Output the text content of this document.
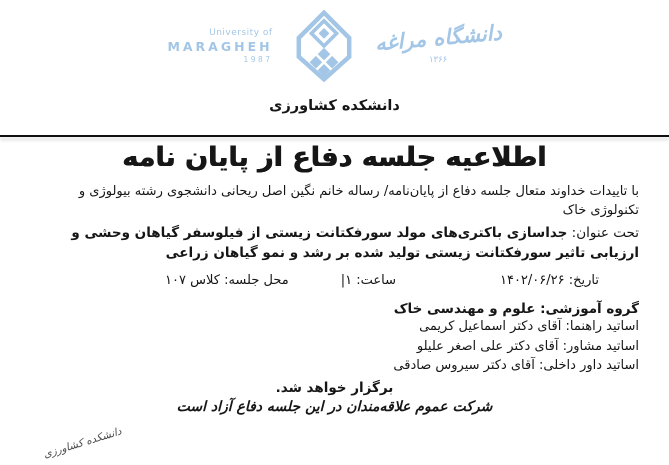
University of
MARAGHEH
1987
دانشگاه مراغه
۱۳۶۶
دانشکده کشاورزی
اطلاعیه جلسه دفاع از پایان نامه
با تاییدات خداوند متعال جلسه دفاع از پایان‌نامه/ رساله خانم نگین اصل ریحانی دانشجوی رشته بیولوژی و تکنولوژی خاک
تحت عنوان: جداسازی باکتری‌های مولد سورفکتانت زیستی از فیلوسفر گیاهان وحشی و ارزیابی تاثیر سورفکتانت زیستی تولید شده بر رشد و نمو گیاهان زراعی
تاریخ: ۱۴۰۲/۰۶/۲۶
ساعت: ۱|
محل جلسه: کلاس ۱۰۷
گروه آموزشی: علوم و مهندسی خاک
اساتید راهنما: آقای دکتر اسماعیل کریمی
اساتید مشاور: آقای دکتر علی اصغر علیلو
اساتید داور داخلی: آقای دکتر سیروس صادقی
برگزار خواهد شد.
شرکت عموم علاقه‌مندان در این جلسه دفاع آزاد است
دانشکده کشاورزی
